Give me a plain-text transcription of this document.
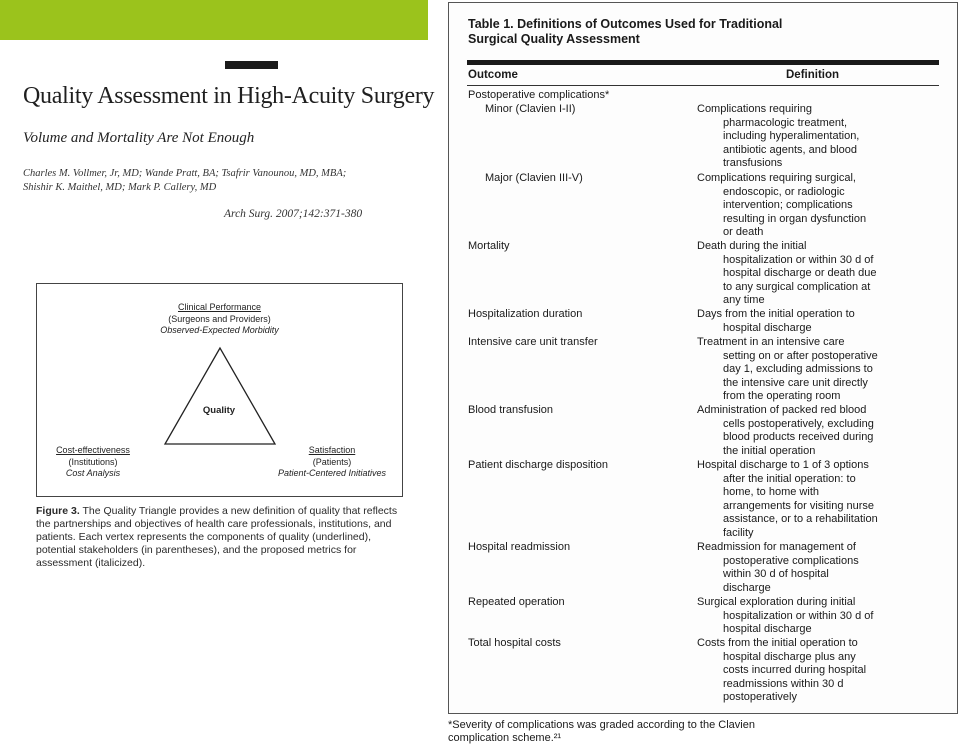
Quality Assessment in High-Acuity Surgery
Volume and Mortality Are Not Enough
Charles M. Vollmer, Jr, MD; Wande Pratt, BA; Tsafrir Vanounou, MD, MBA; Shishir K. Maithel, MD; Mark P. Callery, MD
Arch Surg. 2007;142:371-380
Clinical Performance
(Surgeons and Providers)
Observed-Expected Morbidity
Quality
Cost-effectiveness
(Institutions)
Cost Analysis
Satisfaction
(Patients)
Patient-Centered Initiatives
Figure 3. The Quality Triangle provides a new definition of quality that reflects the partnerships and objectives of health care professionals, institutions, and patients. Each vertex represents the components of quality (underlined), potential stakeholders (in parentheses), and the proposed metrics for assessment (italicized).
Table 1. Definitions of Outcomes Used for Traditional
Surgical Quality Assessment
Outcome	Definition
Postoperative complications*
Minor (Clavien I-II)	Complications requiring
pharmacologic treatment,
including hyperalimentation,
antibiotic agents, and blood
transfusions
Major (Clavien III-V)	Complications requiring surgical,
endoscopic, or radiologic
intervention; complications
resulting in organ dysfunction
or death
Mortality	Death during the initial
hospitalization or within 30 d of
hospital discharge or death due
to any surgical complication at
any time
Hospitalization duration	Days from the initial operation to
hospital discharge
Intensive care unit transfer	Treatment in an intensive care
setting on or after postoperative
day 1, excluding admissions to
the intensive care unit directly
from the operating room
Blood transfusion	Administration of packed red blood
cells postoperatively, excluding
blood products received during
the initial operation
Patient discharge disposition	Hospital discharge to 1 of 3 options
after the initial operation: to
home, to home with
arrangements for visiting nurse
assistance, or to a rehabilitation
facility
Hospital readmission	Readmission for management of
postoperative complications
within 30 d of hospital
discharge
Repeated operation	Surgical exploration during initial
hospitalization or within 30 d of
hospital discharge
Total hospital costs	Costs from the initial operation to
hospital discharge plus any
costs incurred during hospital
readmissions within 30 d
postoperatively
*Severity of complications was graded according to the Clavien
complication scheme.²¹
